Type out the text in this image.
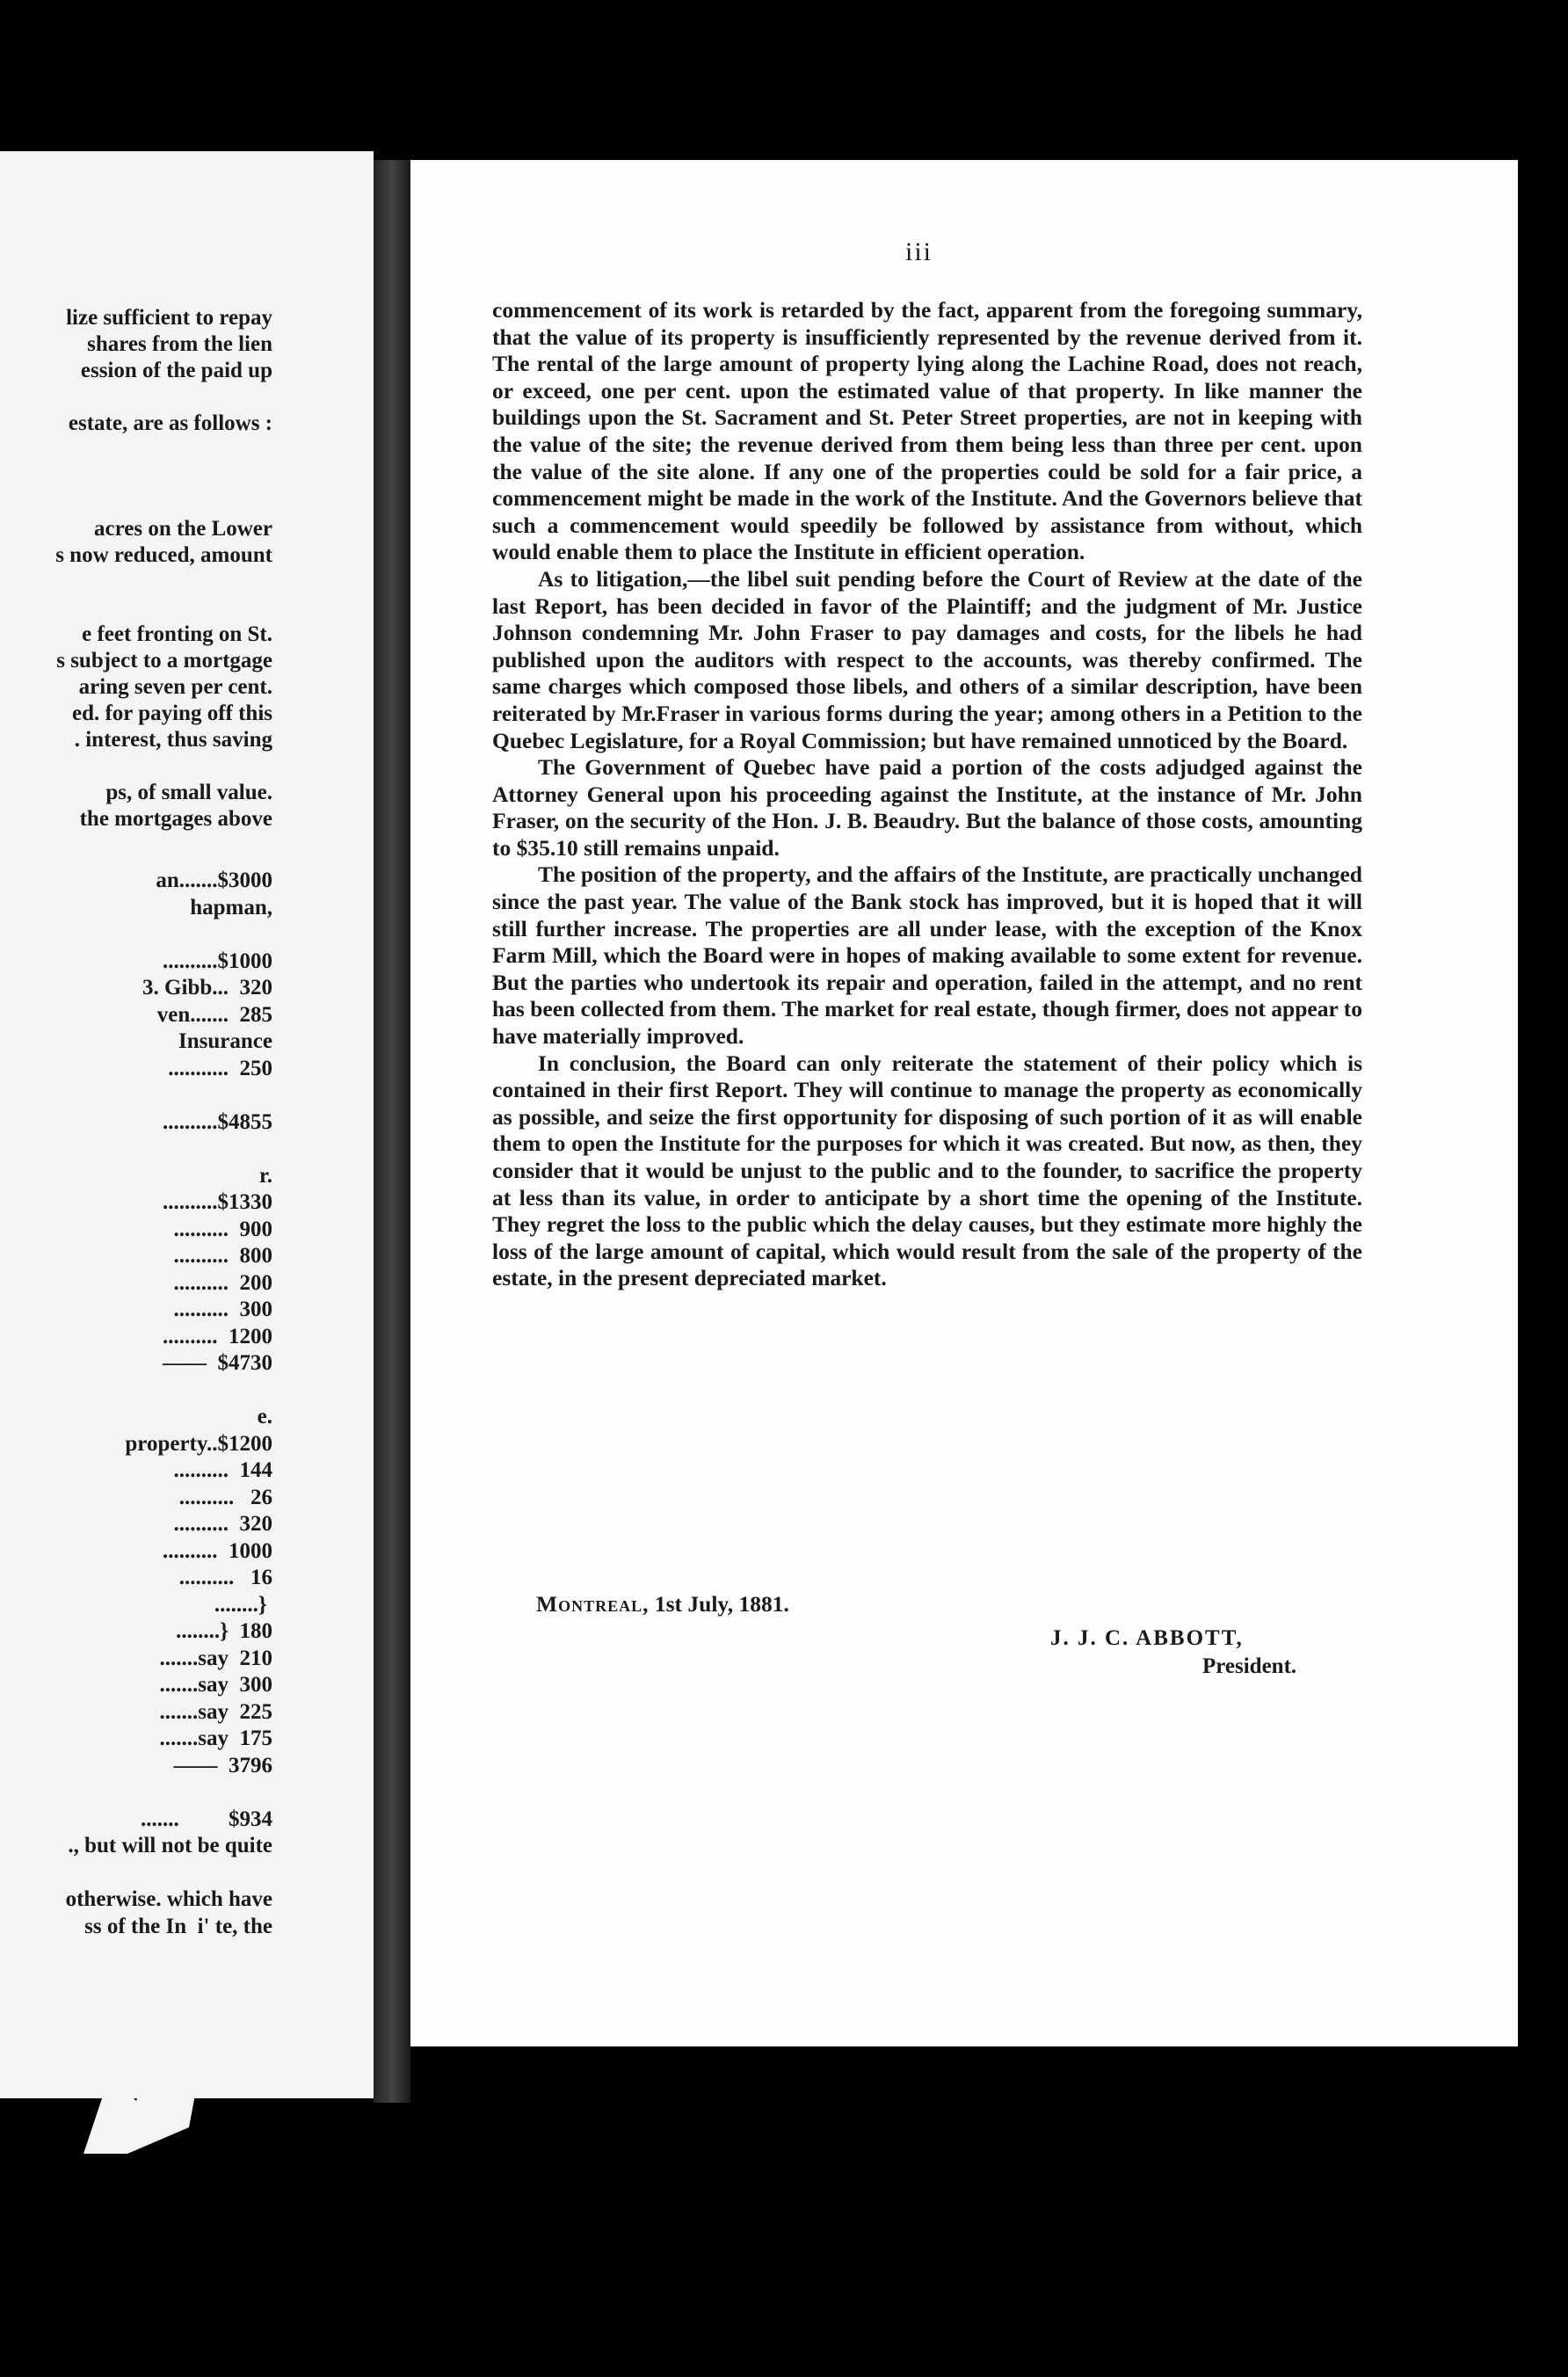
lize sufficient to repay
shares from the lien
ession of the paid up
estate, are as follows :
acres on the Lower
s now reduced, amount
e feet fronting on St.
s subject to a mortgage
aring seven per cent.
ed. for paying off this
. interest, thus saving
ps, of small value.
the mortgages above
an.......$3000
hapman,
..........$1000
3. Gibb...  320
ven.......  285
Insurance
...........  250
..........$4855
r.
..........$1330
..........  900
..........  800
..........  200
..........  300
..........  1200
——  $4730
e.
property..$1200
..........  144
..........   26
..........  320
..........  1000
..........   16
........}
........}  180
.......say  210
.......say  300
.......say  225
.......say  175
——  3796
.......         $934
., but will not be quite
otherwise. which have
ss of the In  i' te, the
iii

commencement of its work is retarded by the fact, apparent from the foregoing summary, that the value of its property is insufficiently represented by the revenue derived from it. The rental of the large amount of property lying along the Lachine Road, does not reach, or exceed, one per cent. upon the estimated value of that property. In like manner the buildings upon the St. Sacrament and St. Peter Street properties, are not in keeping with the value of the site; the revenue derived from them being less than three per cent. upon the value of the site alone. If any one of the properties could be sold for a fair price, a commencement might be made in the work of the Institute. And the Governors believe that such a commencement would speedily be followed by assistance from without, which would enable them to place the Institute in efficient operation.

As to litigation,—the libel suit pending before the Court of Review at the date of the last Report, has been decided in favor of the Plaintiff; and the judgment of Mr. Justice Johnson condemning Mr. John Fraser to pay damages and costs, for the libels he had published upon the auditors with respect to the accounts, was thereby confirmed. The same charges which composed those libels, and others of a similar description, have been reiterated by Mr.Fraser in various forms during the year; among others in a Petition to the Quebec Legislature, for a Royal Commission; but have remained unnoticed by the Board.

The Government of Quebec have paid a portion of the costs adjudged against the Attorney General upon his proceeding against the Institute, at the instance of Mr. John Fraser, on the security of the Hon. J. B. Beaudry. But the balance of those costs, amounting to $35.10 still remains unpaid.

The position of the property, and the affairs of the Institute, are practically unchanged since the past year. The value of the Bank stock has improved, but it is hoped that it will still further increase. The properties are all under lease, with the exception of the Knox Farm Mill, which the Board were in hopes of making available to some extent for revenue. But the parties who undertook its repair and operation, failed in the attempt, and no rent has been collected from them. The market for real estate, though firmer, does not appear to have materially improved.

In conclusion, the Board can only reiterate the statement of their policy which is contained in their first Report. They will continue to manage the property as economically as possible, and seize the first opportunity for disposing of such portion of it as will enable them to open the Institute for the purposes for which it was created. But now, as then, they consider that it would be unjust to the public and to the founder, to sacrifice the property at less than its value, in order to anticipate by a short time the opening of the Institute. They regret the loss to the public which the delay causes, but they estimate more highly the loss of the large amount of capital, which would result from the sale of the property of the estate, in the present depreciated market.

Montreal, 1st July, 1881.
J. J. C. ABBOTT,
President.
